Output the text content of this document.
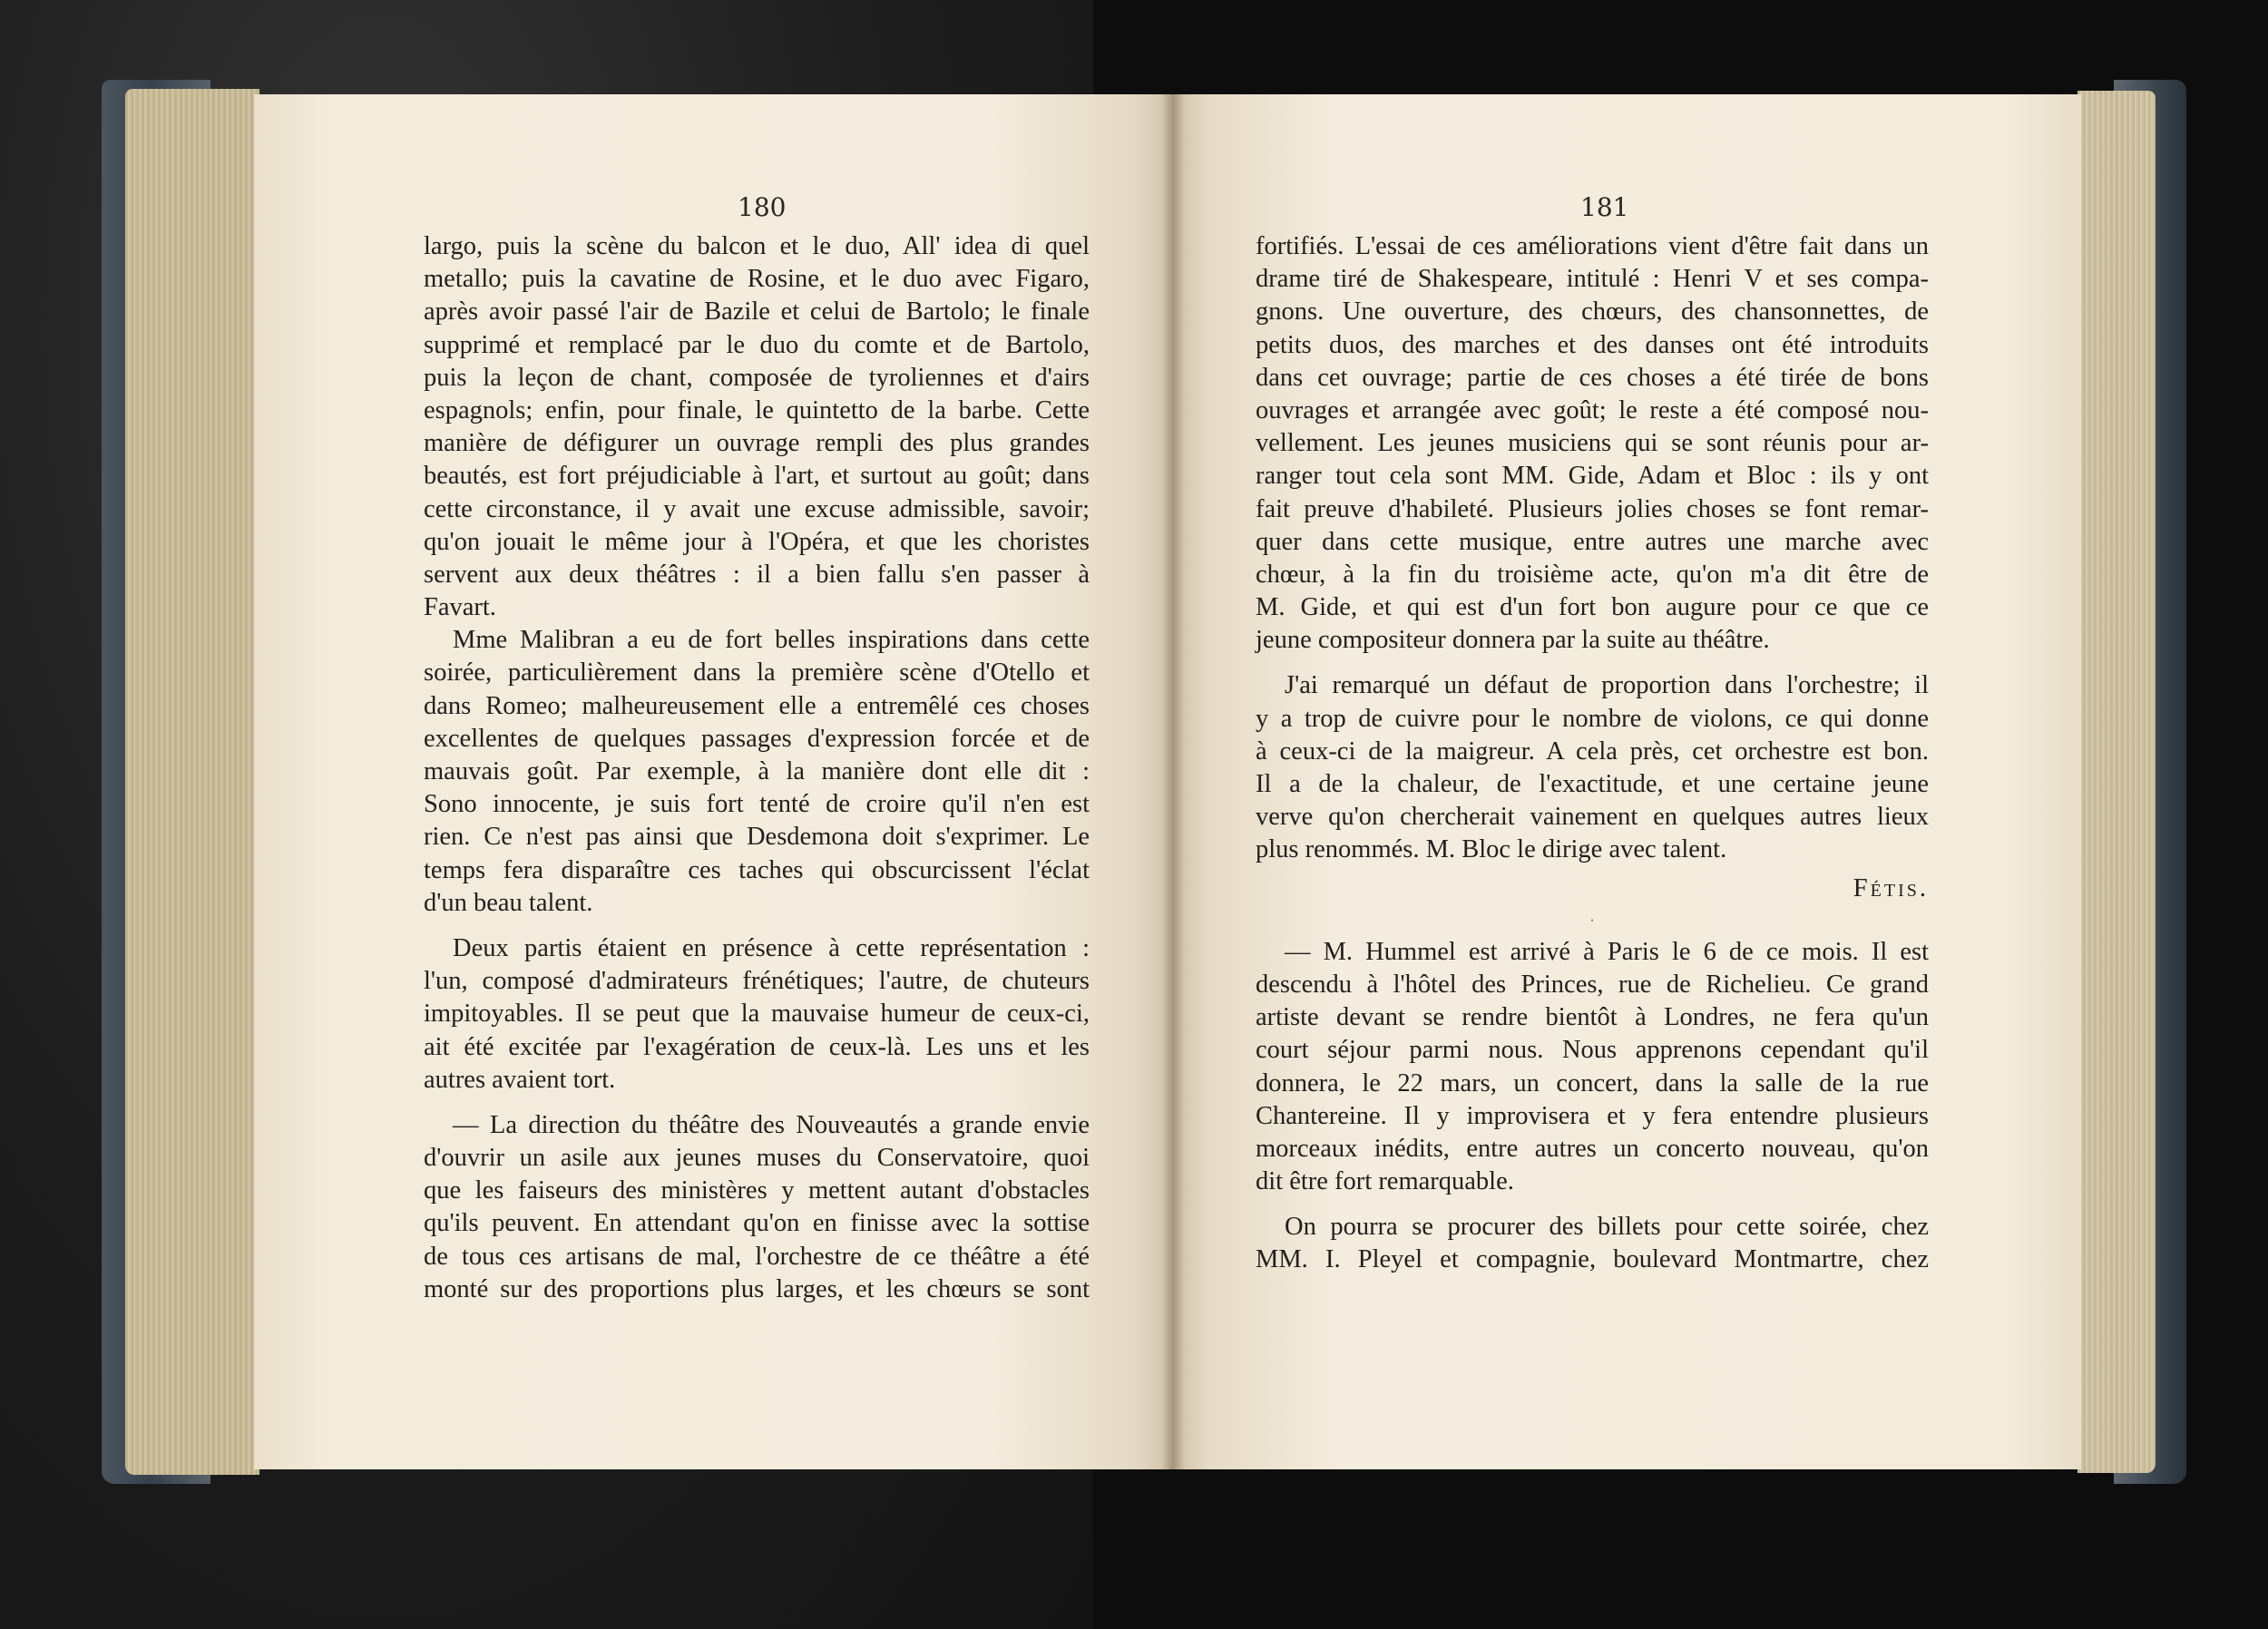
180	181
largo, puis la scène du balcon et le duo, All' idea di quel
metallo; puis la cavatine de Rosine, et le duo avec Figaro,
après avoir passé l'air de Bazile et celui de Bartolo; le finale
supprimé et remplacé par le duo du comte et de Bartolo,
puis la leçon de chant, composée de tyroliennes et d'airs
espagnols; enfin, pour finale, le quintetto de la barbe. Cette
manière de défigurer un ouvrage rempli des plus grandes
beautés, est fort préjudiciable à l'art, et surtout au goût; dans
cette circonstance, il y avait une excuse admissible, savoir;
qu'on jouait le même jour à l'Opéra, et que les choristes
servent aux deux théâtres : il a bien fallu s'en passer à
Favart.
Mme Malibran a eu de fort belles inspirations dans cette
soirée, particulièrement dans la première scène d'Otello et
dans Romeo; malheureusement elle a entremêlé ces choses
excellentes de quelques passages d'expression forcée et de
mauvais goût. Par exemple, à la manière dont elle dit :
Sono innocente, je suis fort tenté de croire qu'il n'en est
rien. Ce n'est pas ainsi que Desdemona doit s'exprimer. Le
temps fera disparaître ces taches qui obscurcissent l'éclat
d'un beau talent.
Deux partis étaient en présence à cette représentation :
l'un, composé d'admirateurs frénétiques; l'autre, de chuteurs
impitoyables. Il se peut que la mauvaise humeur de ceux-ci,
ait été excitée par l'exagération de ceux-là. Les uns et les
autres avaient tort.
— La direction du théâtre des Nouveautés a grande envie
d'ouvrir un asile aux jeunes muses du Conservatoire, quoi
que les faiseurs des ministères y mettent autant d'obstacles
qu'ils peuvent. En attendant qu'on en finisse avec la sottise
de tous ces artisans de mal, l'orchestre de ce théâtre a été
monté sur des proportions plus larges, et les chœurs se sont
fortifiés. L'essai de ces améliorations vient d'être fait dans un
drame tiré de Shakespeare, intitulé : Henri V et ses compa-
gnons. Une ouverture, des chœurs, des chansonnettes, de
petits duos, des marches et des danses ont été introduits
dans cet ouvrage; partie de ces choses a été tirée de bons
ouvrages et arrangée avec goût; le reste a été composé nou-
vellement. Les jeunes musiciens qui se sont réunis pour ar-
ranger tout cela sont MM. Gide, Adam et Bloc : ils y ont
fait preuve d'habileté. Plusieurs jolies choses se font remar-
quer dans cette musique, entre autres une marche avec
chœur, à la fin du troisième acte, qu'on m'a dit être de
M. Gide, et qui est d'un fort bon augure pour ce que ce
jeune compositeur donnera par la suite au théâtre.
J'ai remarqué un défaut de proportion dans l'orchestre; il
y a trop de cuivre pour le nombre de violons, ce qui donne
à ceux-ci de la maigreur. A cela près, cet orchestre est bon.
Il a de la chaleur, de l'exactitude, et une certaine jeune
verve qu'on chercherait vainement en quelques autres lieux
plus renommés. M. Bloc le dirige avec talent.
Fétis.
·
— M. Hummel est arrivé à Paris le 6 de ce mois. Il est
descendu à l'hôtel des Princes, rue de Richelieu. Ce grand
artiste devant se rendre bientôt à Londres, ne fera qu'un
court séjour parmi nous. Nous apprenons cependant qu'il
donnera, le 22 mars, un concert, dans la salle de la rue
Chantereine. Il y improvisera et y fera entendre plusieurs
morceaux inédits, entre autres un concerto nouveau, qu'on
dit être fort remarquable.
On pourra se procurer des billets pour cette soirée, chez
MM. I. Pleyel et compagnie, boulevard Montmartre, chez
